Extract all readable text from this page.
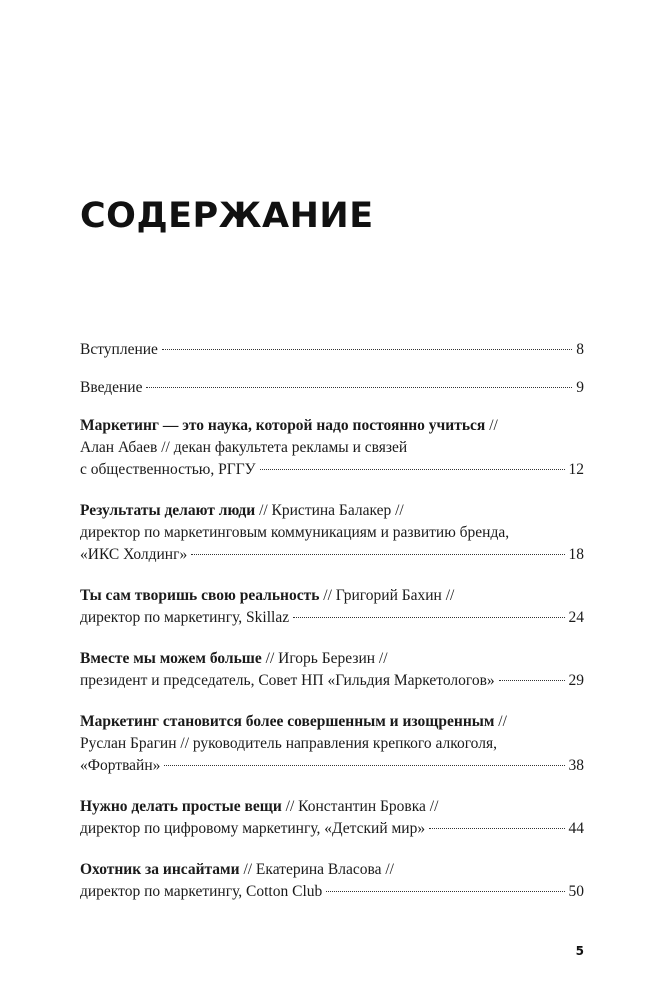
СОДЕРЖАНИЕ
Вступление	8
Введение	9
Маркетинг — это наука, которой надо постоянно учиться //
Алан Абаев // декан факультета рекламы и связей
с общественностью, РГГУ	12
Результаты делают люди // Кристина Балакер //
директор по маркетинговым коммуникациям и развитию бренда,
«ИКС Холдинг»	18
Ты сам творишь свою реальность // Григорий Бахин //
директор по маркетингу, Skillaz	24
Вместе мы можем больше // Игорь Березин //
президент и председатель, Совет НП «Гильдия Маркетологов»	29
Маркетинг становится более совершенным и изощренным //
Руслан Брагин // руководитель направления крепкого алкоголя,
«Фортвайн»	38
Нужно делать простые вещи // Константин Бровка //
директор по цифровому маркетингу, «Детский мир»	44
Охотник за инсайтами // Екатерина Власова //
директор по маркетингу, Cotton Club	50
5
